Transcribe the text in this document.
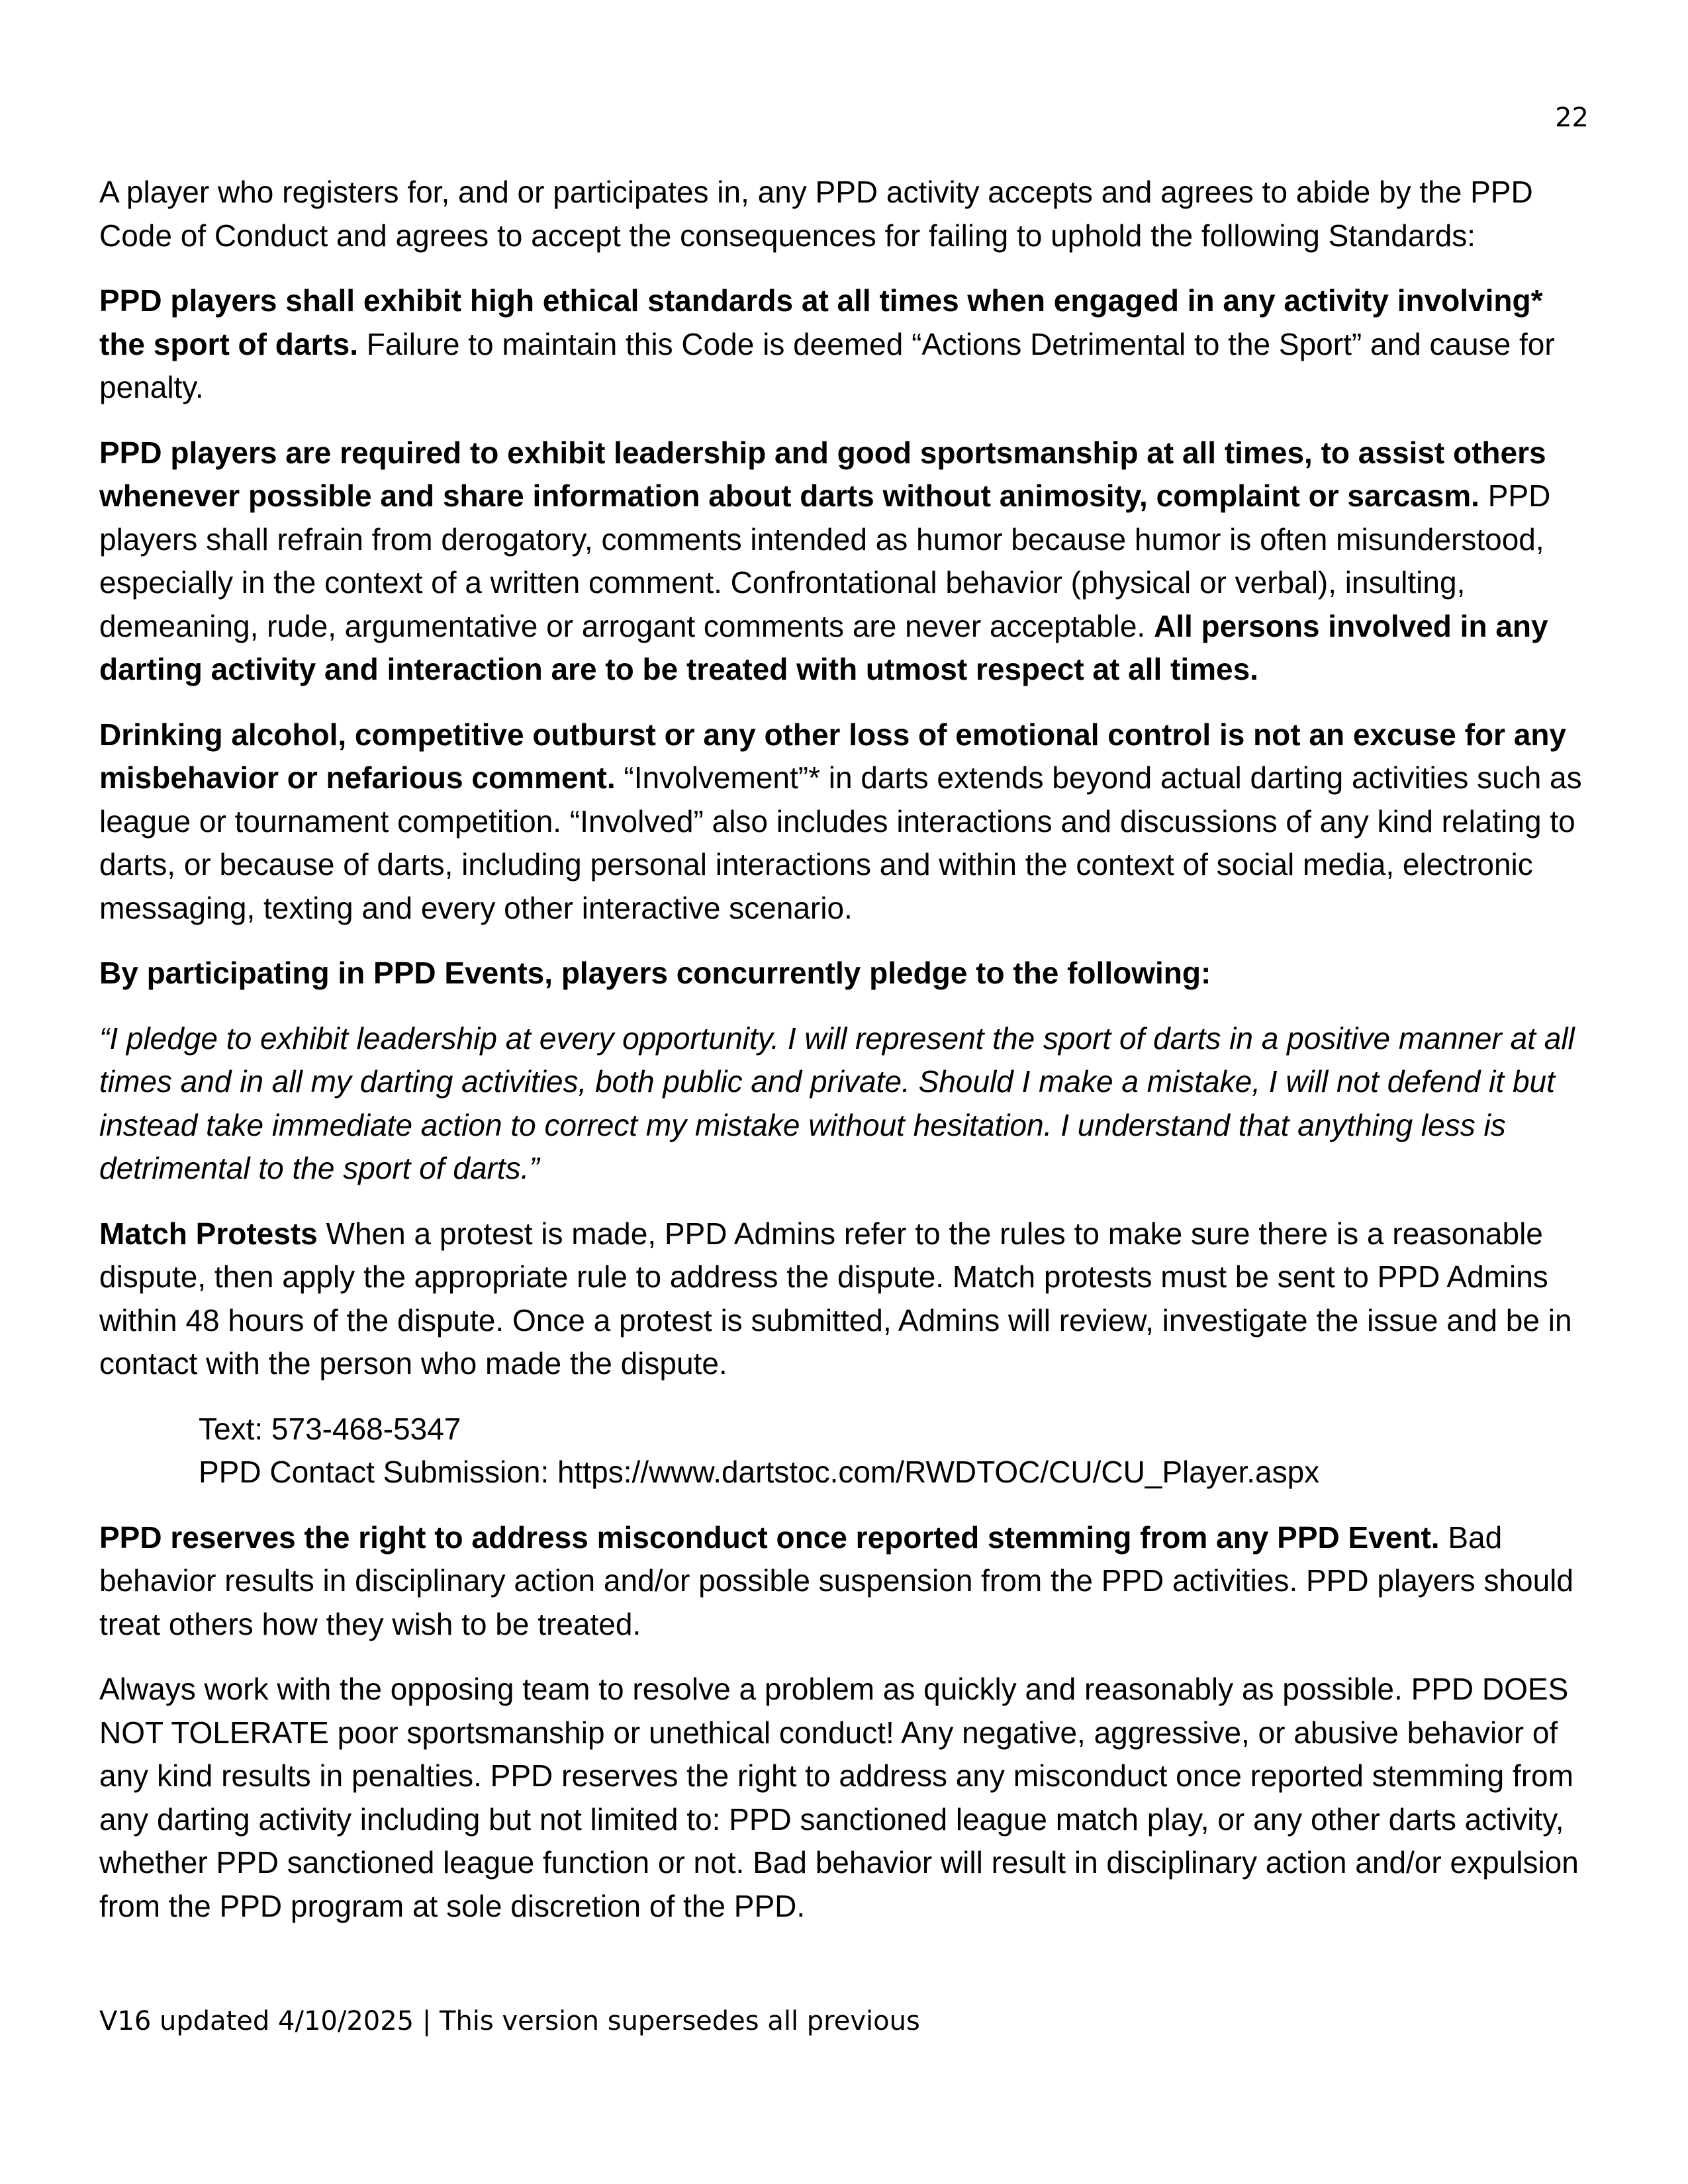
22

A player who registers for, and or participates in, any PPD activity accepts and agrees to abide by the PPD Code of Conduct and agrees to accept the consequences for failing to uphold the following Standards:

PPD players shall exhibit high ethical standards at all times when engaged in any activity involving* the sport of darts. Failure to maintain this Code is deemed “Actions Detrimental to the Sport” and cause for penalty.

PPD players are required to exhibit leadership and good sportsmanship at all times, to assist others whenever possible and share information about darts without animosity, complaint or sarcasm. PPD players shall refrain from derogatory, comments intended as humor because humor is often misunderstood, especially in the context of a written comment. Confrontational behavior (physical or verbal), insulting, demeaning, rude, argumentative or arrogant comments are never acceptable. All persons involved in any darting activity and interaction are to be treated with utmost respect at all times.

Drinking alcohol, competitive outburst or any other loss of emotional control is not an excuse for any misbehavior or nefarious comment. “Involvement”* in darts extends beyond actual darting activities such as league or tournament competition. “Involved” also includes interactions and discussions of any kind relating to darts, or because of darts, including personal interactions and within the context of social media, electronic messaging, texting and every other interactive scenario.

By participating in PPD Events, players concurrently pledge to the following:

“I pledge to exhibit leadership at every opportunity. I will represent the sport of darts in a positive manner at all times and in all my darting activities, both public and private. Should I make a mistake, I will not defend it but instead take immediate action to correct my mistake without hesitation. I understand that anything less is detrimental to the sport of darts.”

Match Protests When a protest is made, PPD Admins refer to the rules to make sure there is a reasonable dispute, then apply the appropriate rule to address the dispute. Match protests must be sent to PPD Admins within 48 hours of the dispute. Once a protest is submitted, Admins will review, investigate the issue and be in contact with the person who made the dispute.

Text: 573-468-5347
PPD Contact Submission: https://www.dartstoc.com/RWDTOC/CU/CU_Player.aspx

PPD reserves the right to address misconduct once reported stemming from any PPD Event. Bad behavior results in disciplinary action and/or possible suspension from the PPD activities. PPD players should treat others how they wish to be treated.

Always work with the opposing team to resolve a problem as quickly and reasonably as possible. PPD DOES NOT TOLERATE poor sportsmanship or unethical conduct! Any negative, aggressive, or abusive behavior of any kind results in penalties. PPD reserves the right to address any misconduct once reported stemming from any darting activity including but not limited to: PPD sanctioned league match play, or any other darts activity, whether PPD sanctioned league function or not. Bad behavior will result in disciplinary action and/or expulsion from the PPD program at sole discretion of the PPD.

V16 updated 4/10/2025 | This version supersedes all previous
